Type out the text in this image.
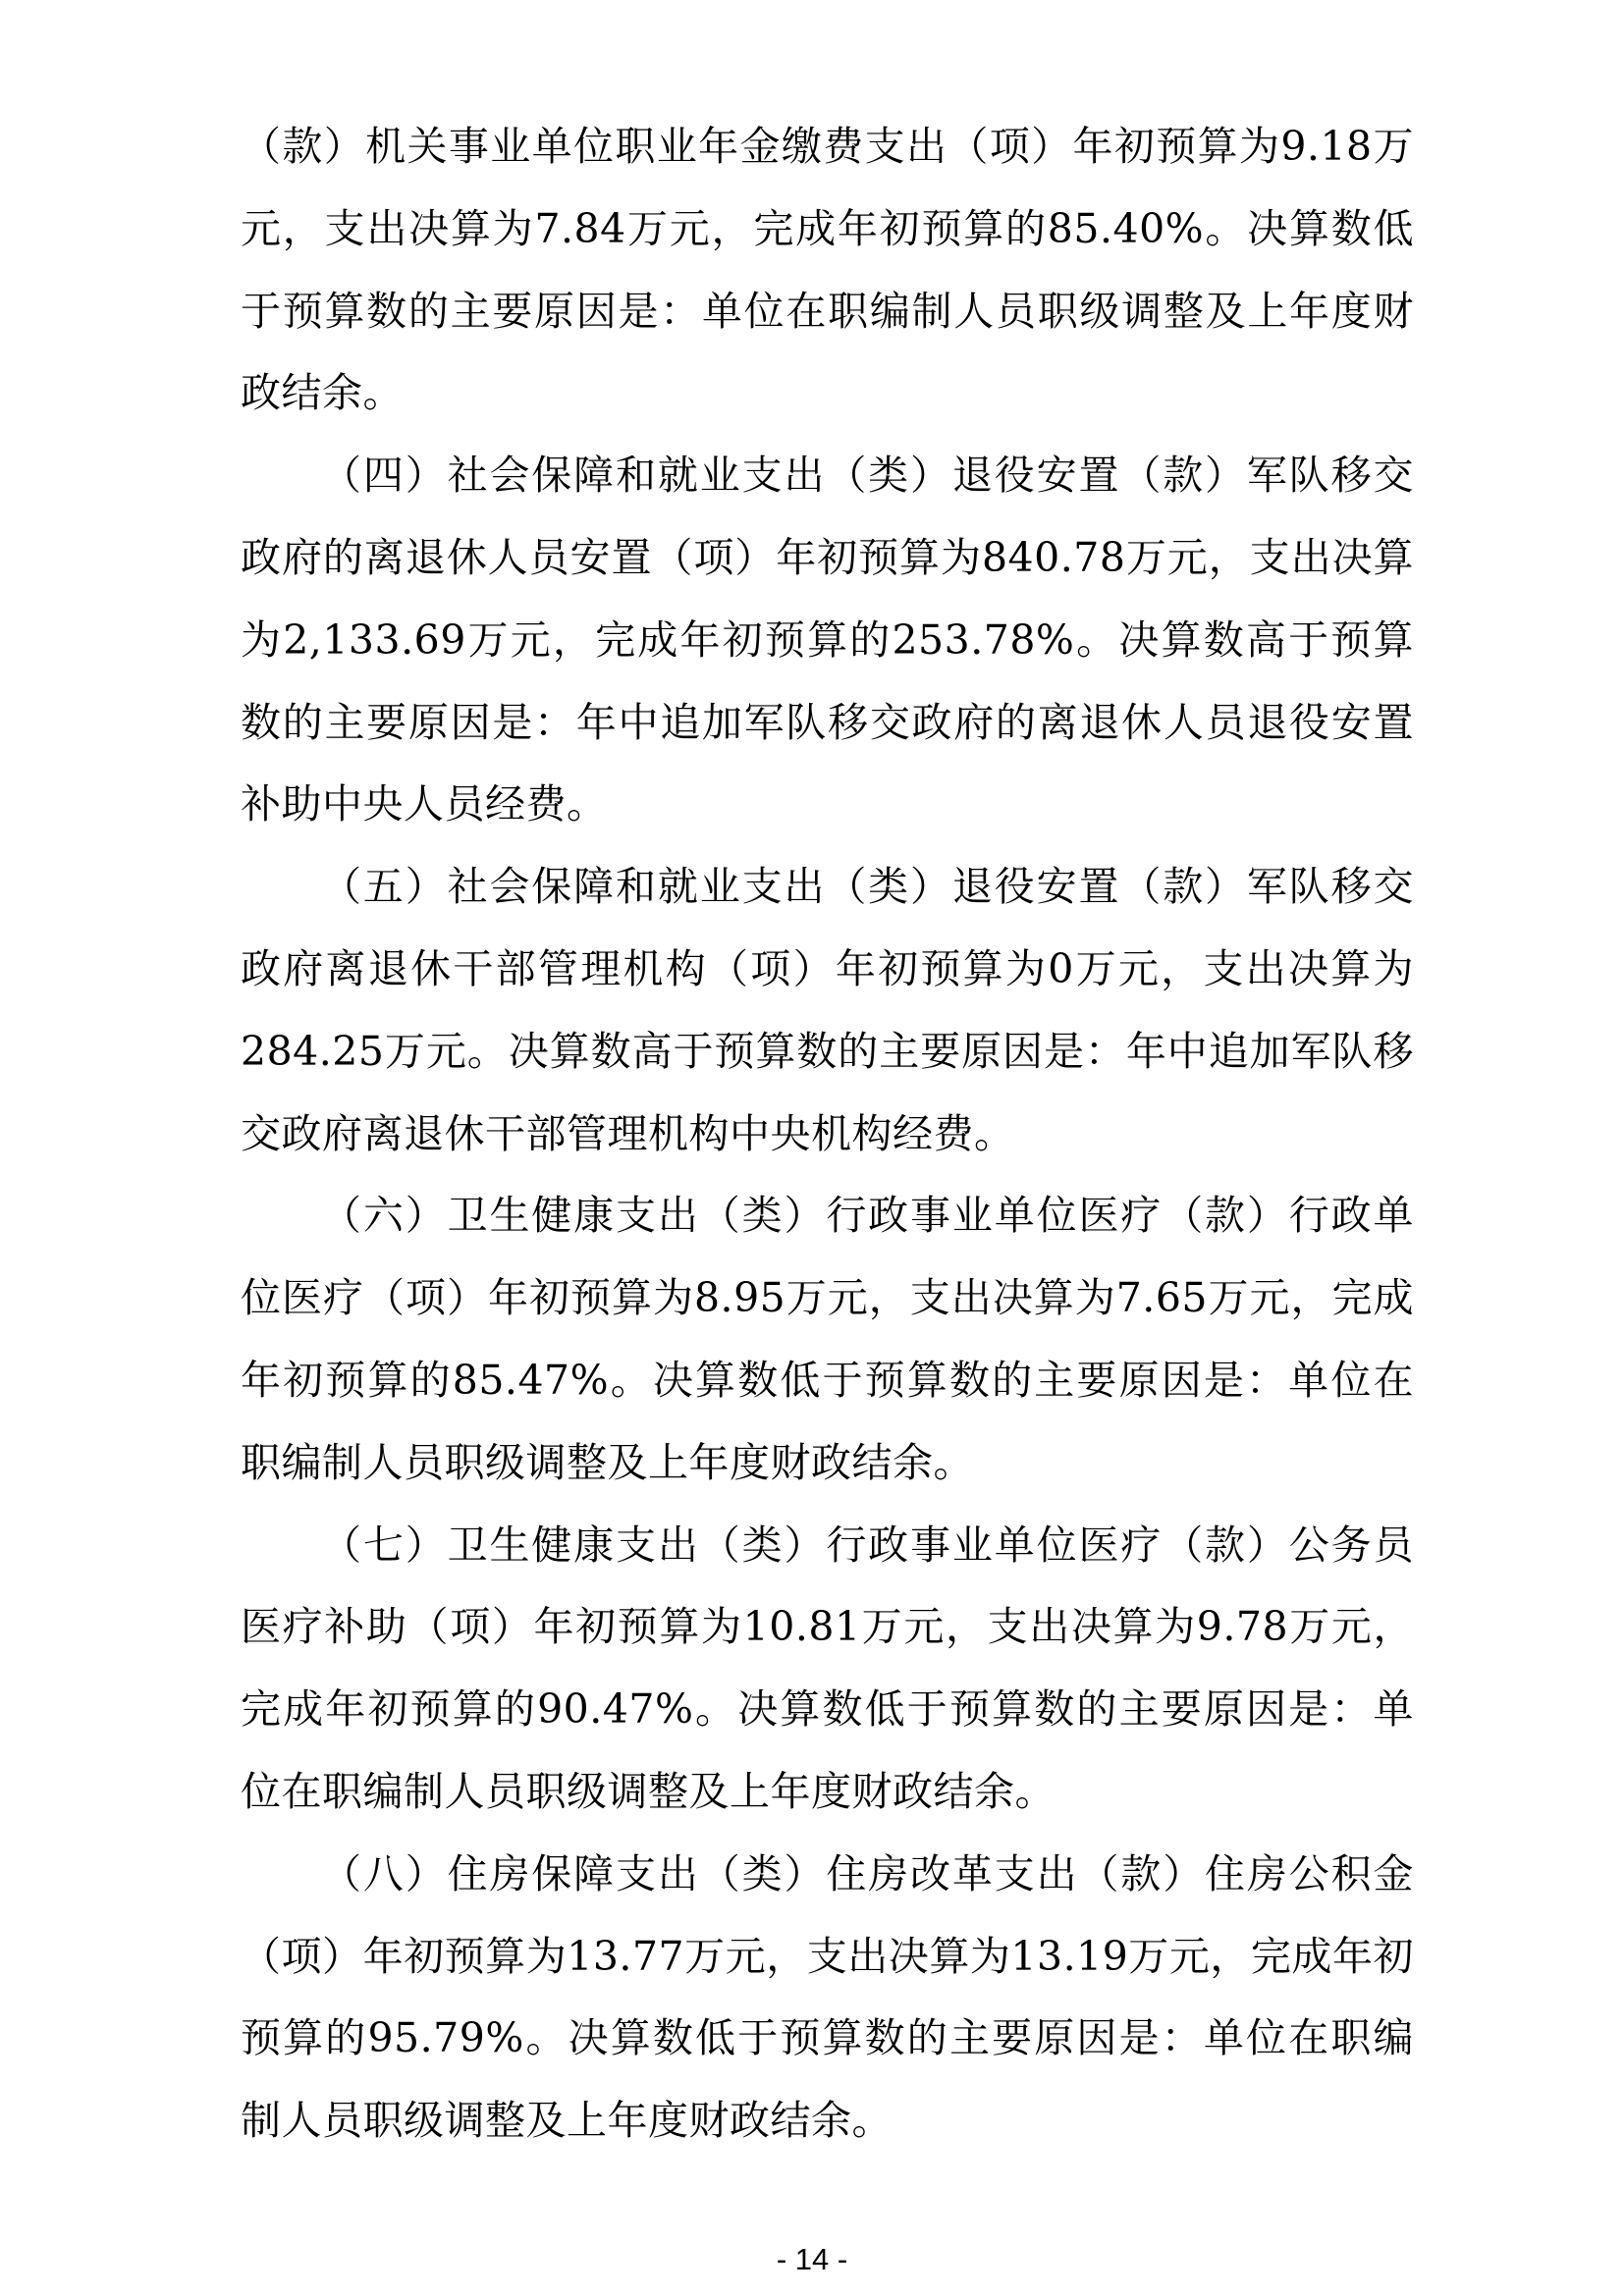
（款）机关事业单位职业年金缴费支出（项）年初预算为9.18万元，支出决算为7.84万元，完成年初预算的85.40%。决算数低于预算数的主要原因是：单位在职编制人员职级调整及上年度财政结余。

（四）社会保障和就业支出（类）退役安置（款）军队移交政府的离退休人员安置（项）年初预算为840.78万元，支出决算为2,133.69万元，完成年初预算的253.78%。决算数高于预算数的主要原因是：年中追加军队移交政府的离退休人员退役安置补助中央人员经费。

（五）社会保障和就业支出（类）退役安置（款）军队移交政府离退休干部管理机构（项）年初预算为0万元，支出决算为284.25万元。决算数高于预算数的主要原因是：年中追加军队移交政府离退休干部管理机构中央机构经费。

（六）卫生健康支出（类）行政事业单位医疗（款）行政单位医疗（项）年初预算为8.95万元，支出决算为7.65万元，完成年初预算的85.47%。决算数低于预算数的主要原因是：单位在职编制人员职级调整及上年度财政结余。

（七）卫生健康支出（类）行政事业单位医疗（款）公务员医疗补助（项）年初预算为10.81万元，支出决算为9.78万元，完成年初预算的90.47%。决算数低于预算数的主要原因是：单位在职编制人员职级调整及上年度财政结余。

（八）住房保障支出（类）住房改革支出（款）住房公积金（项）年初预算为13.77万元，支出决算为13.19万元，完成年初预算的95.79%。决算数低于预算数的主要原因是：单位在职编制人员职级调整及上年度财政结余。

- 14 -
